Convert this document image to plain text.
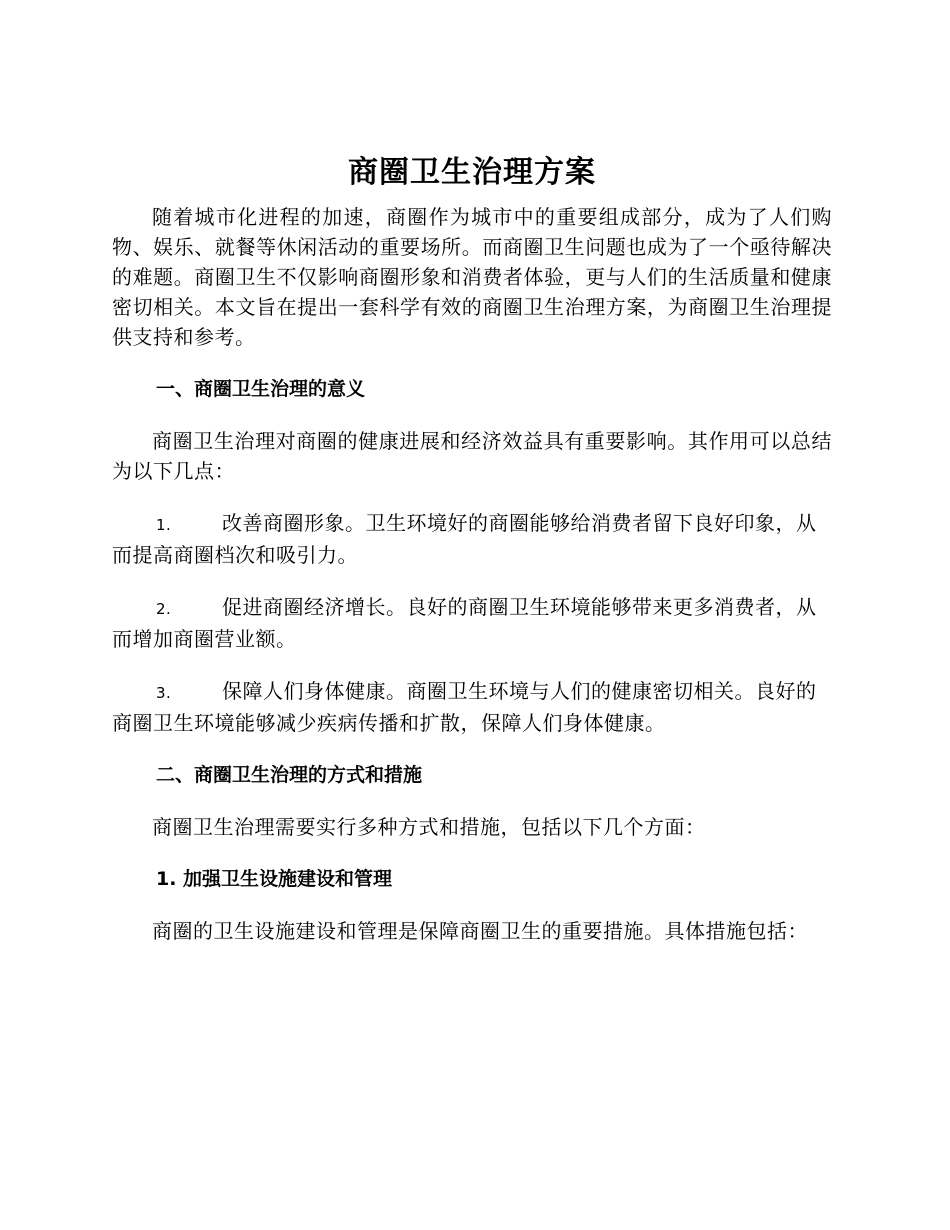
商圈卫生治理方案

随着城市化进程的加速，商圈作为城市中的重要组成部分，成为了人们购物、娱乐、就餐等休闲活动的重要场所。而商圈卫生问题也成为了一个亟待解决的难题。商圈卫生不仅影响商圈形象和消费者体验，更与人们的生活质量和健康密切相关。本文旨在提出一套科学有效的商圈卫生治理方案，为商圈卫生治理提供支持和参考。

一、商圈卫生治理的意义

商圈卫生治理对商圈的健康进展和经济效益具有重要影响。其作用可以总结为以下几点：

1.	改善商圈形象。卫生环境好的商圈能够给消费者留下良好印象，从而提高商圈档次和吸引力。

2.	促进商圈经济增长。良好的商圈卫生环境能够带来更多消费者，从而增加商圈营业额。

3.	保障人们身体健康。商圈卫生环境与人们的健康密切相关。良好的商圈卫生环境能够减少疾病传播和扩散，保障人们身体健康。

二、商圈卫生治理的方式和措施

商圈卫生治理需要实行多种方式和措施，包括以下几个方面：

1. 加强卫生设施建设和管理

商圈的卫生设施建设和管理是保障商圈卫生的重要措施。具体措施包括：
